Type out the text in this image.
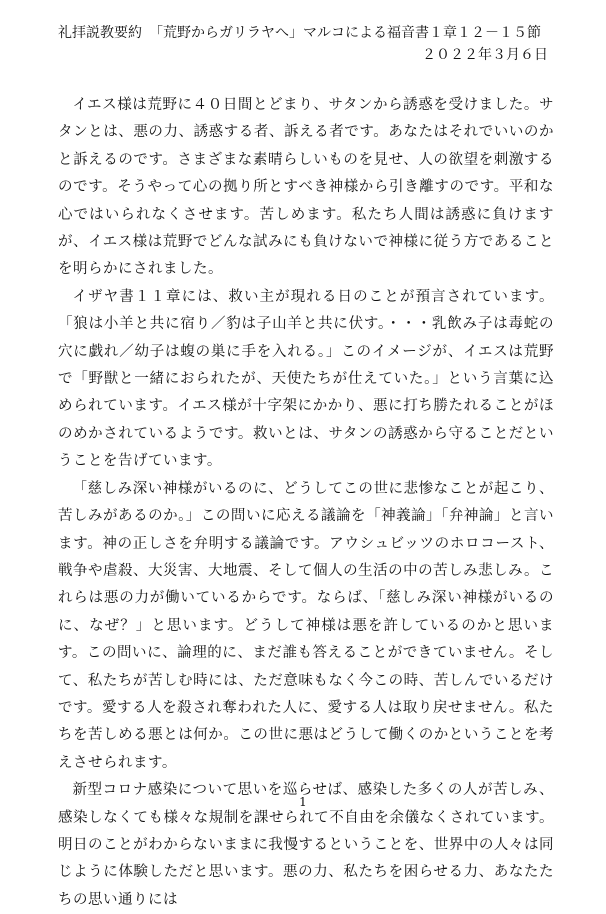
礼拝説教要約　「荒野からガリラヤへ」マルコによる福音書１章１２－１５節
２０２２年３月６日

イエス様は荒野に４０日間とどまり、サタンから誘惑を受けました。サタンとは、悪の力、誘惑する者、訴える者です。あなたはそれでいいのかと訴えるのです。さまざまな素晴らしいものを見せ、人の欲望を刺激するのです。そうやって心の拠り所とすべき神様から引き離すのです。平和な心ではいられなくさせます。苦しめます。私たち人間は誘惑に負けますが、イエス様は荒野でどんな試みにも負けないで神様に従う方であることを明らかにされました。

イザヤ書１１章には、救い主が現れる日のことが預言されています。「狼は小羊と共に宿り／豹は子山羊と共に伏す。・・・乳飲み子は毒蛇の穴に戯れ／幼子は蝮の巣に手を入れる。」このイメージが、イエスは荒野で「野獣と一緒におられたが、天使たちが仕えていた。」という言葉に込められています。イエス様が十字架にかかり、悪に打ち勝たれることがほのめかされているようです。救いとは、サタンの誘惑から守ることだということを告げています。

「慈しみ深い神様がいるのに、どうしてこの世に悲惨なことが起こり、苦しみがあるのか。」この問いに応える議論を「神義論」「弁神論」と言います。神の正しさを弁明する議論です。アウシュビッツのホロコースト、戦争や虐殺、大災害、大地震、そして個人の生活の中の苦しみ悲しみ。これらは悪の力が働いているからです。ならば、「慈しみ深い神様がいるのに、なぜ？」と思います。どうして神様は悪を許しているのかと思います。この問いに、論理的に、まだ誰も答えることができていません。そして、私たちが苦しむ時には、ただ意味もなく今この時、苦しんでいるだけです。愛する人を殺され奪われた人に、愛する人は取り戻せません。私たちを苦しめる悪とは何か。この世に悪はどうして働くのかということを考えさせられます。

新型コロナ感染について思いを巡らせば、感染した多くの人が苦しみ、感染しなくても様々な規制を課せられて不自由を余儀なくされています。明日のことがわからないままに我慢するということを、世界中の人々は同じように体験しただと思います。悪の力、私たちを困らせる力、あなたたちの思い通りには

1
